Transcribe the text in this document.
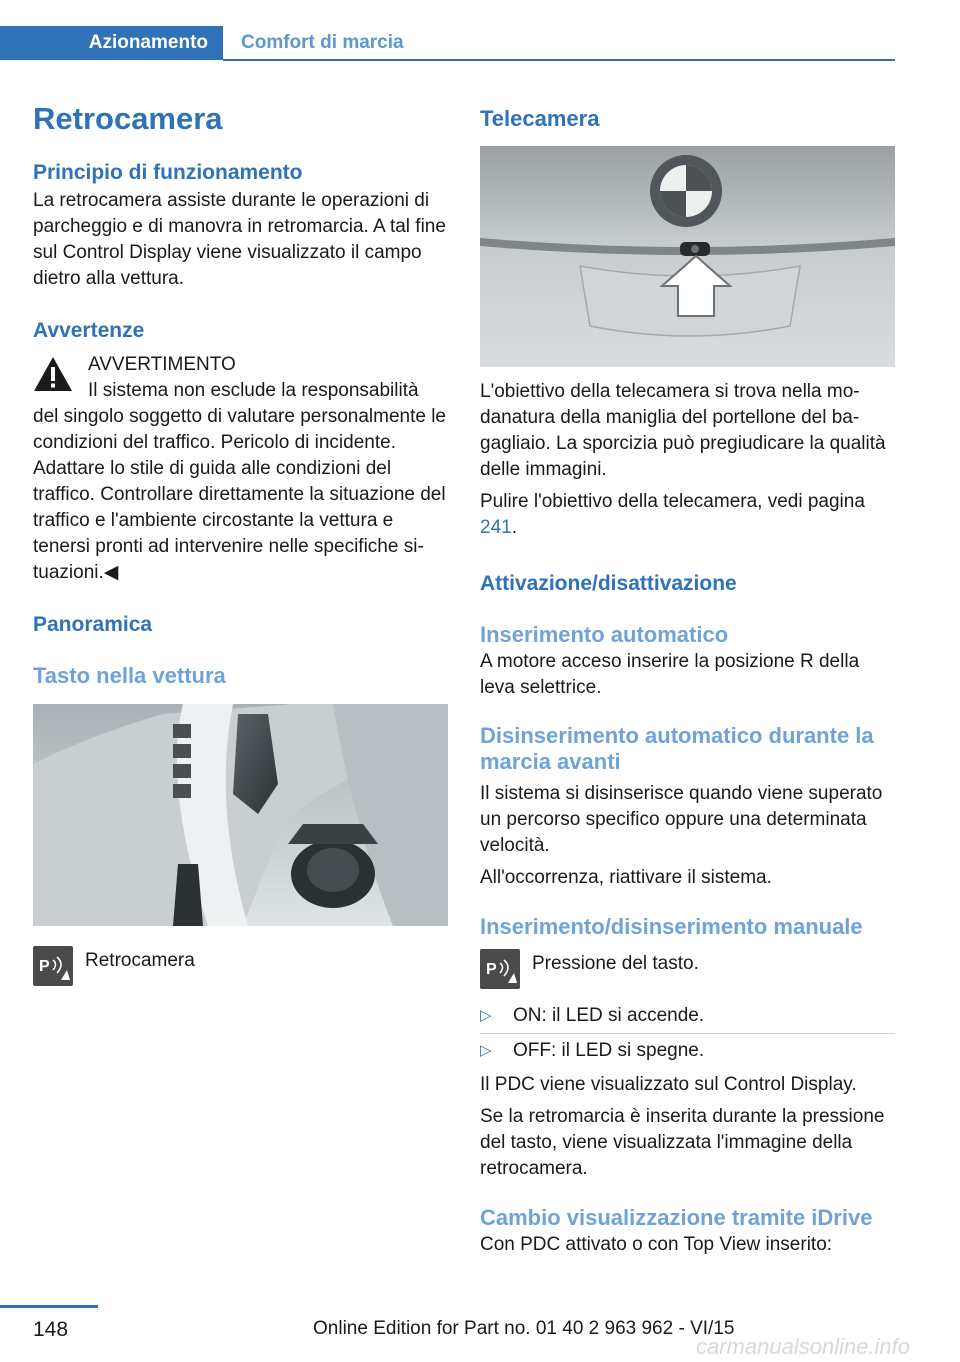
Azionamento	Comfort di marcia
Retrocamera
Principio di funzionamento

La retrocamera assiste durante le operazioni di parcheggio e di manovra in retromarcia. A tal fine sul Control Display viene visualizzato il campo dietro alla vettura.

Avvertenze
AVVERTIMENTO
Il sistema non esclude la responsabilità del singolo soggetto di valutare personalmente le condizioni del traffico. Pericolo di incidente. Adattare lo stile di guida alle condizioni del traffico. Controllare direttamente la situazione del traffico e l'ambiente circostante la vettura e tenersi pronti ad intervenire nelle specifiche situazioni.◀
Panoramica
Tasto nella vettura
P	Retrocamera
Telecamera

L'obiettivo della telecamera si trova nella modanatura della maniglia del portellone del bagagliaio. La sporcizia può pregiudicare la qualità delle immagini.

Pulire l'obiettivo della telecamera, vedi pagina 241.

Attivazione/disattivazione
Inserimento automatico

A motore acceso inserire la posizione R della leva selettrice.

Disinserimento automatico durante la marcia avanti

Il sistema si disinserisce quando viene superato un percorso specifico oppure una determinata velocità.

All'occorrenza, riattivare il sistema.

Inserimento/disinserimento manuale
P	Pressione del tasto.
▷ ON: il LED si accende.
▷ OFF: il LED si spegne.

Il PDC viene visualizzato sul Control Display.

Se la retromarcia è inserita durante la pressione del tasto, viene visualizzata l'immagine della retrocamera.

Cambio visualizzazione tramite iDrive

Con PDC attivato o con Top View inserito:

148	Online Edition for Part no. 01 40 2 963 962 - VI/15
carmanualsonline.info
